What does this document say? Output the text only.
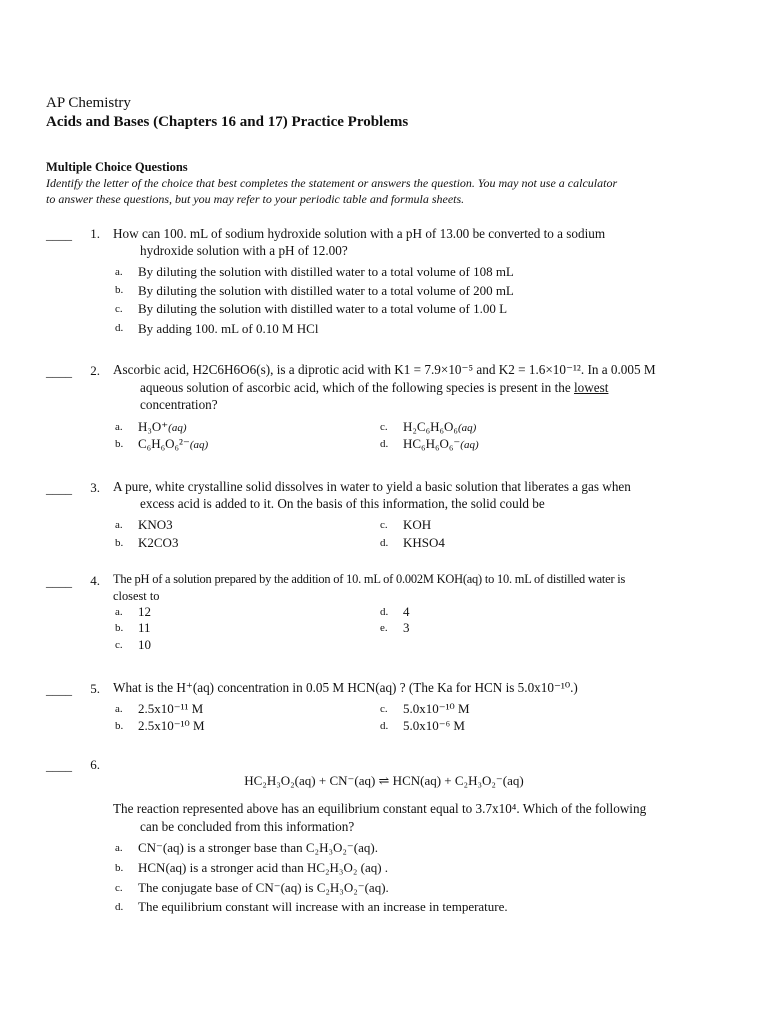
AP Chemistry
Acids and Bases (Chapters 16 and 17) Practice Problems
Multiple Choice Questions
Identify the letter of the choice that best completes the statement or answers the question. You may not use a calculator
to answer these questions, but you may refer to your periodic table and formula sheets.
____	1. How can 100. mL of sodium hydroxide solution with a pH of 13.00 be converted to a sodium
hydroxide solution with a pH of 12.00?
a.	By diluting the solution with distilled water to a total volume of 108 mL
b.	By diluting the solution with distilled water to a total volume of 200 mL
c.	By diluting the solution with distilled water to a total volume of 1.00 L
d.	By adding 100. mL of 0.10 M HCl
____	2. Ascorbic acid, H2C6H6O6(s), is a diprotic acid with K1 = 7.9×10⁻⁵ and K2 = 1.6×10⁻¹². In a 0.005 M
aqueous solution of ascorbic acid, which of the following species is present in the lowest
concentration?
a.	H₃O⁺(aq)
b.	C₆H₆O₆²⁻(aq)
c.	H₂C₆H₆O₆(aq)
d.	HC₆H₆O₆⁻(aq)
____	3. A pure, white crystalline solid dissolves in water to yield a basic solution that liberates a gas when
excess acid is added to it. On the basis of this information, the solid could be
a.	KNO3
b.	K2CO3
c.	KOH
d.	KHSO4
____	4. The pH of a solution prepared by the addition of 10. mL of 0.002M KOH(aq) to 10. mL of distilled water is
closest to
a.	12
b.	11
c.	10
d.	4
e.	3
____	5. What is the H⁺(aq) concentration in 0.05 M HCN(aq) ? (The Ka for HCN is 5.0x10⁻¹⁰.)
a.	2.5x10⁻¹¹ M
b.	2.5x10⁻¹⁰ M
c.	5.0x10⁻¹⁰ M
d.	5.0x10⁻⁶ M
____	6.
HC₂H₃O₂(aq) + CN⁻(aq) ⇌ HCN(aq) + C₂H₃O₂⁻(aq)
The reaction represented above has an equilibrium constant equal to 3.7x10⁴. Which of the following
can be concluded from this information?
a.	CN⁻(aq) is a stronger base than C₂H₃O₂⁻(aq).
b.	HCN(aq) is a stronger acid than HC₂H₃O₂ (aq) .
c.	The conjugate base of CN⁻(aq) is C₂H₃O₂⁻(aq).
d.	The equilibrium constant will increase with an increase in temperature.
